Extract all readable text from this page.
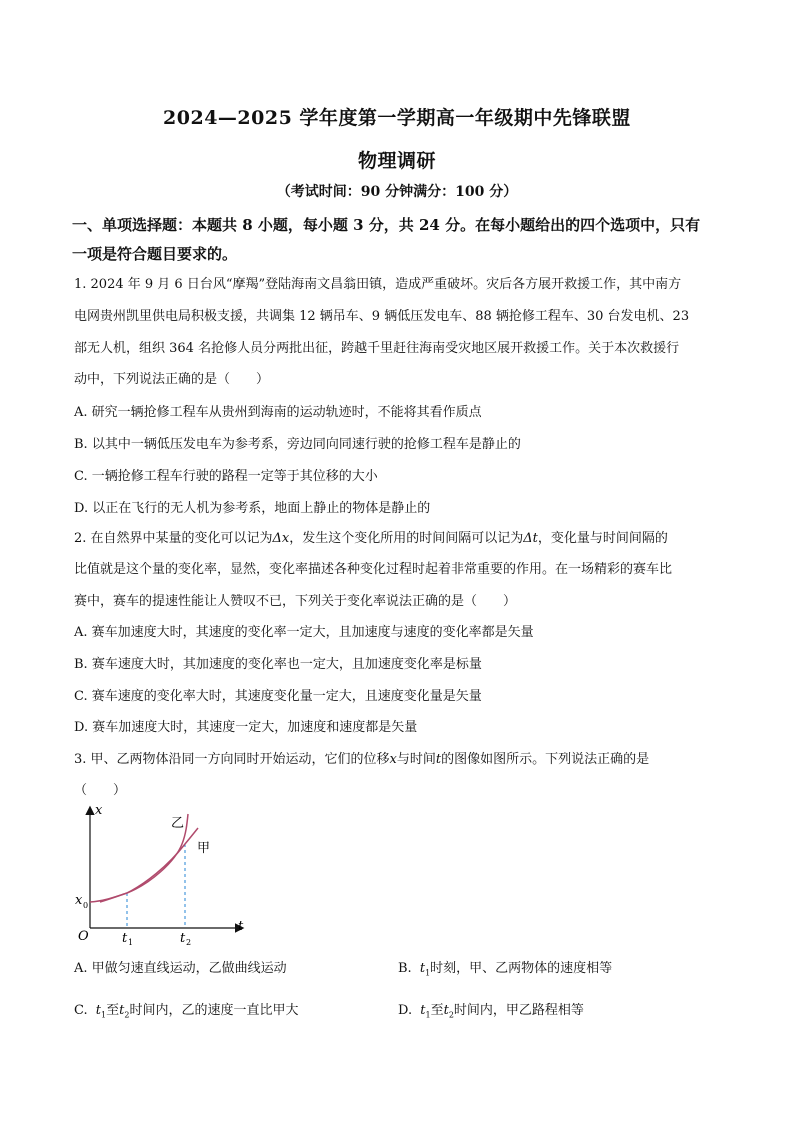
2024—2025 学年度第一学期高一年级期中先锋联盟
物理调研
（考试时间：90 分钟满分：100 分）
一、单项选择题：本题共 8 小题，每小题 3 分，共 24 分。在每小题给出的四个选项中，只有
一项是符合题目要求的。
1. 2024 年 9 月 6 日台风“摩羯”登陆海南文昌翁田镇，造成严重破坏。灾后各方展开救援工作，其中南方
电网贵州凯里供电局积极支援，共调集 12 辆吊车、9 辆低压发电车、88 辆抢修工程车、30 台发电机、23
部无人机，组织 364 名抢修人员分两批出征，跨越千里赶往海南受灾地区展开救援工作。关于本次救援行
动中，下列说法正确的是（　　）
A. 研究一辆抢修工程车从贵州到海南的运动轨迹时，不能将其看作质点
B. 以其中一辆低压发电车为参考系，旁边同向同速行驶的抢修工程车是静止的
C. 一辆抢修工程车行驶的路程一定等于其位移的大小
D. 以正在飞行的无人机为参考系，地面上静止的物体是静止的
2. 在自然界中某量的变化可以记为Δx，发生这个变化所用的时间间隔可以记为Δt，变化量与时间间隔的
比值就是这个量的变化率，显然，变化率描述各种变化过程时起着非常重要的作用。在一场精彩的赛车比
赛中，赛车的提速性能让人赞叹不已，下列关于变化率说法正确的是（　　）
A. 赛车加速度大时，其速度的变化率一定大，且加速度与速度的变化率都是矢量
B. 赛车速度大时，其加速度的变化率也一定大，且加速度变化率是标量
C. 赛车速度的变化率大时，其速度变化量一定大，且速度变化量是矢量
D. 赛车加速度大时，其速度一定大，加速度和速度都是矢量
3. 甲、乙两物体沿同一方向同时开始运动，它们的位移x与时间t的图像如图所示。下列说法正确的是
（　　）
x
t
O
x 0
t 1	t 2
乙
甲
A. 甲做匀速直线运动，乙做曲线运动	B. $t_1$时刻，甲、乙两物体的速度相等
C. $t_1$至$t_2$时间内，乙的速度一直比甲大	D. $t_1$至$t_2$时间内，甲乙路程相等
